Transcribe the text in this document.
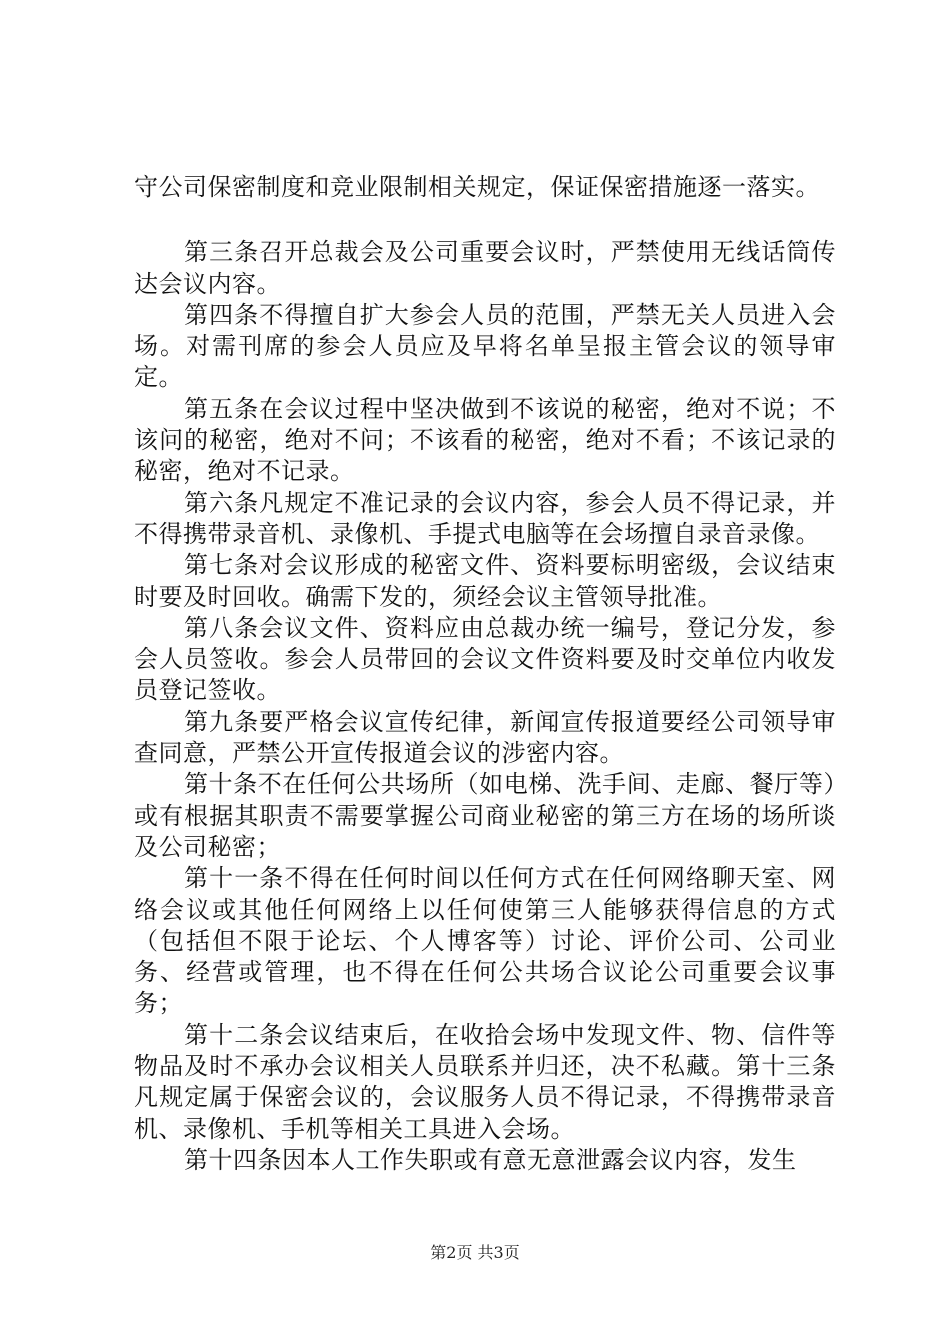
守公司保密制度和竞业限制相关规定，保证保密措施逐一落实。

第三条召开总裁会及公司重要会议时，严禁使用无线话筒传达会议内容。

第四条不得擅自扩大参会人员的范围，严禁无关人员进入会场。对需刊席的参会人员应及早将名单呈报主管会议的领导审定。

第五条在会议过程中坚决做到不该说的秘密，绝对不说；不该问的秘密，绝对不问；不该看的秘密，绝对不看；不该记录的秘密，绝对不记录。

第六条凡规定不准记录的会议内容，参会人员不得记录，并不得携带录音机、录像机、手提式电脑等在会场擅自录音录像。

第七条对会议形成的秘密文件、资料要标明密级，会议结束时要及时回收。确需下发的，须经会议主管领导批准。

第八条会议文件、资料应由总裁办统一编号，登记分发，参会人员签收。参会人员带回的会议文件资料要及时交单位内收发员登记签收。

第九条要严格会议宣传纪律，新闻宣传报道要经公司领导审查同意，严禁公开宣传报道会议的涉密内容。

第十条不在任何公共场所（如电梯、洗手间、走廊、餐厅等）或有根据其职责不需要掌握公司商业秘密的第三方在场的场所谈及公司秘密；

第十一条不得在任何时间以任何方式在任何网络聊天室、网络会议或其他任何网络上以任何使第三人能够获得信息的方式（包括但不限于论坛、个人博客等）讨论、评价公司、公司业务、经营或管理，也不得在任何公共场合议论公司重要会议事务；

第十二条会议结束后，在收拾会场中发现文件、物、信件等物品及时不承办会议相关人员联系并归还，决不私藏。第十三条凡规定属于保密会议的，会议服务人员不得记录，不得携带录音机、录像机、手机等相关工具进入会场。

第十四条因本人工作失职或有意无意泄露会议内容，发生

第2页 共3页
